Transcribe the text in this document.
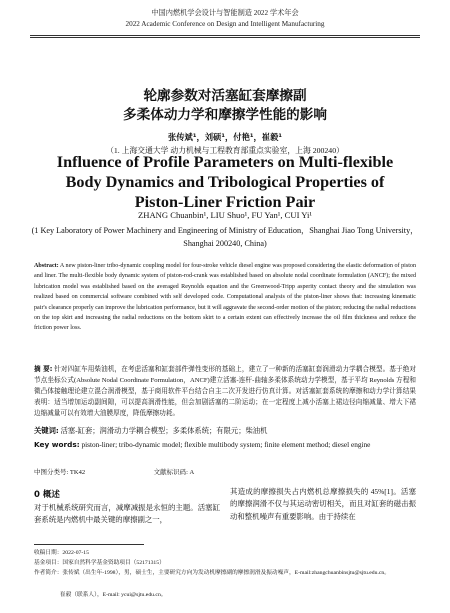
中国内燃机学会设计与智能制造 2022 学术年会
2022 Academic Conference on Design and Intelligent Manufacturing
轮廓参数对活塞缸套摩擦副
多柔体动力学和摩擦学性能的影响
张传斌¹，刘硕¹，付艳¹，崔毅¹
（1. 上海交通大学 动力机械与工程教育部重点实验室，上海 200240）
Influence of Profile Parameters on Multi-flexible Body Dynamics and Tribological Properties of Piston-Liner Friction Pair
ZHANG Chuanbin¹, LIU Shuo¹, FU Yan¹, CUI Yi¹
(1 Key Laboratory of Power Machinery and Engineering of Ministry of Education，Shanghai Jiao Tong University，Shanghai 200240, China)
Abstract: A new piston-liner tribo-dynamic coupling model for four-stroke vehicle diesel engine was proposed considering the elastic deformation of piston and liner. The multi-flexible body dynamic system of piston-rod-crank was established based on absolute nodal coordinate formulation (ANCF); the mixed lubrication model was established based on the averaged Reynolds equation and the Greenwood-Tripp asperity contact theory and the simulation was realized based on commercial software combined with self developed code. Computational analysis of the piston-liner shows that: increasing kinematic pair's clearance properly can improve the lubrication performance, but it will aggravate the second-order motion of the piston; reducing the radial reductions on the top skirt and increasing the radial reductions on the bottom skirt to a certain extent can effectively increase the oil film thickness and reduce the friction power loss.
摘 要: 针对四缸车用柴油机，在考虑活塞和缸套部件弹性变形的基础上，建立了一种新的活塞缸套润滑动力学耦合模型。基于绝对节点坐标公式(Absolute Nodal Coordinate Formulation，ANCF)建立活塞-连杆-曲轴多柔体系统动力学模型，基于平均 Reynolds 方程和微凸体接触理论建立混合润滑模型，基于商用软件平台结合自主二次开发进行仿真计算。对活塞缸套系统的摩擦和动力学计算结果表明：适当增加运动副间隙，可以提高润滑性能，但会加剧活塞的二阶运动；在一定程度上减小活塞上裙边径向缩减量、增大下裙边缩减量可以有效增大油膜厚度，降低摩擦功耗。
关键词: 活塞-缸套；润滑动力学耦合模型；多柔体系统；有限元；柴油机
Key words: piston-liner; tribo-dynamic model; flexible multibody system; finite element method; diesel engine
中图分类号: TK42	文献标识码: A
0 概述
对于机械系统研究而言，减摩减振是永恒的主题。活塞缸套系统是内燃机中最关键的摩擦副之一，
其造成的摩擦损失占内燃机总摩擦损失的 45%[1]。活塞的摩擦润滑不仅与其运动密切相关，而且对缸套的磁击振动和整机噪声有重要影响。由于持续在
收稿日期：2022-07-15
基金项目：国家自然科学基金资助项目（52171315）
作者简介：张传斌（出生年-1998），男，硕士生，主要研究方向为发动机摩擦副的摩擦润滑及振动噪声，E-mail:zhangchuanbinsjtu@sjtu.edu.cn。
崔毅（联系人），E-mail: ycui@sjtu.edu.cn。
